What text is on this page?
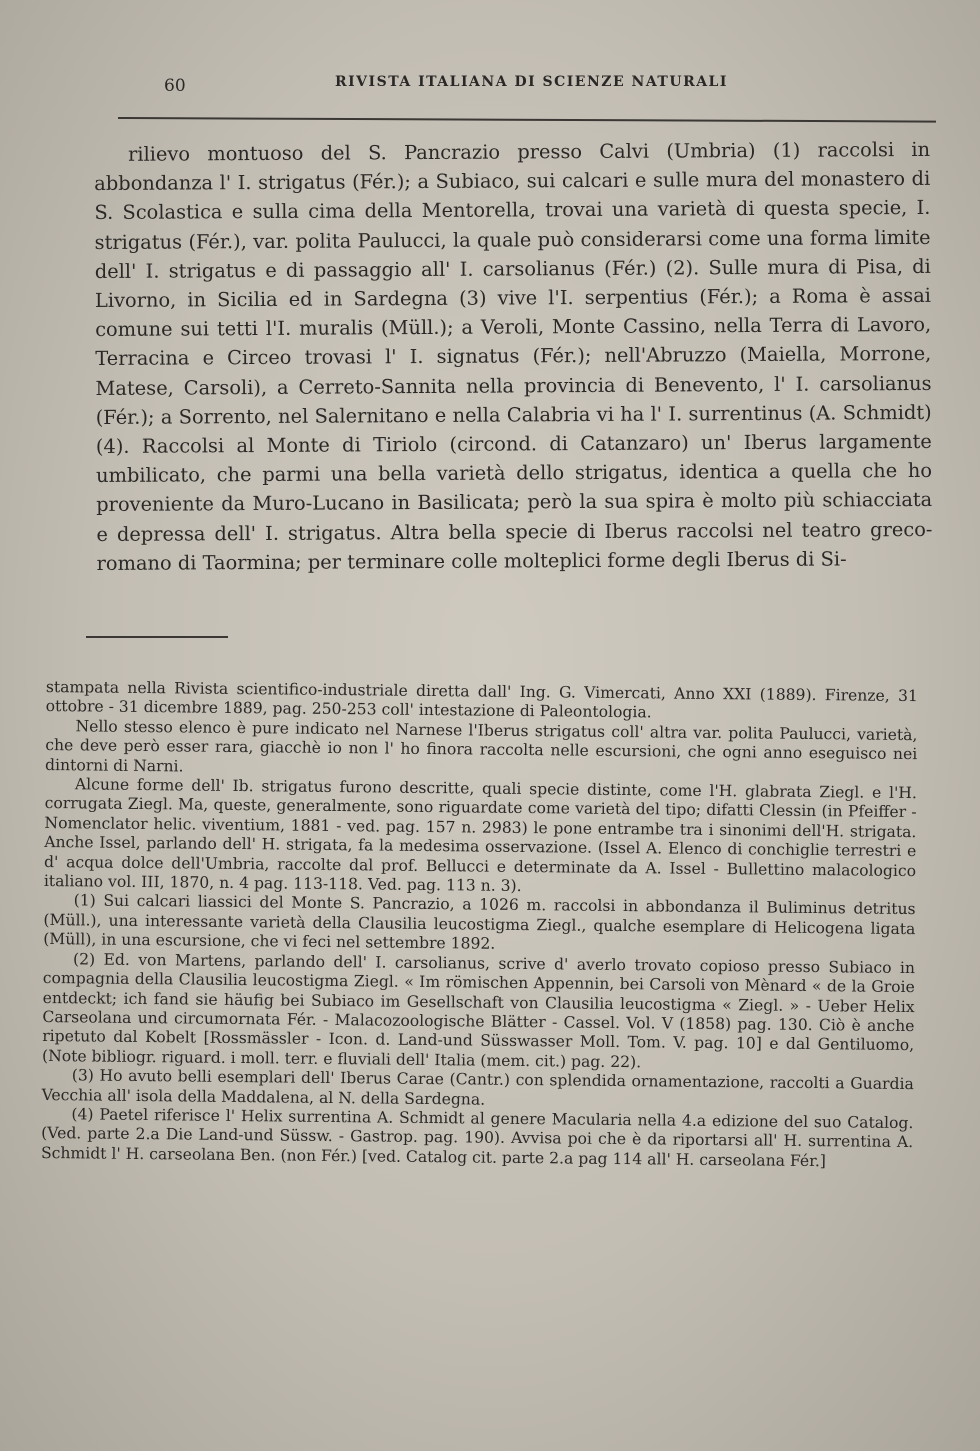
60	RIVISTA ITALIANA DI SCIENZE NATURALI

rilievo montuoso del S. Pancrazio presso Calvi (Umbria) (1) raccolsi in abbondanza l' I. strigatus (Fér.); a Subiaco, sui calcari e sulle mura del monastero di S. Scolastica e sulla cima della Mentorella, trovai una varietà di questa specie, I. strigatus (Fér.), var. polita Paulucci, la quale può considerarsi come una forma limite dell' I. strigatus e di passaggio all' I. carsolianus (Fér.) (2). Sulle mura di Pisa, di Livorno, in Sicilia ed in Sardegna (3) vive l'I. serpentius (Fér.); a Roma è assai comune sui tetti l'I. muralis (Müll.); a Veroli, Monte Cassino, nella Terra di Lavoro, Terracina e Circeo trovasi l' I. signatus (Fér.); nell'Abruzzo (Maiella, Morrone, Matese, Carsoli), a Cerreto-Sannita nella provincia di Benevento, l' I. carsolianus (Fér.); a Sorrento, nel Salernitano e nella Calabria vi ha l' I. surrentinus (A. Schmidt) (4). Raccolsi al Monte di Tiriolo (circond. di Catanzaro) un' Iberus largamente umbilicato, che parmi una bella varietà dello strigatus, identica a quella che ho proveniente da Muro-Lucano in Basilicata; però la sua spira è molto più schiacciata e depressa dell' I. strigatus. Altra bella specie di Iberus raccolsi nel teatro greco-romano di Taormina; per terminare colle molteplici forme degli Iberus di Si-

stampata nella Rivista scientifico-industriale diretta dall' Ing. G. Vimercati, Anno XXI (1889). Firenze, 31 ottobre - 31 dicembre 1889, pag. 250-253 coll' intestazione di Paleontologia.

Nello stesso elenco è pure indicato nel Narnese l'Iberus strigatus coll' altra var. polita Paulucci, varietà, che deve però esser rara, giacchè io non l' ho finora raccolta nelle escursioni, che ogni anno eseguisco nei dintorni di Narni.

Alcune forme dell' Ib. strigatus furono descritte, quali specie distinte, come l'H. glabrata Ziegl. e l'H. corrugata Ziegl. Ma, queste, generalmente, sono riguardate come varietà del tipo; difatti Clessin (in Pfeiffer - Nomenclator helic. viventium, 1881 - ved. pag. 157 n. 2983) le pone entrambe tra i sinonimi dell'H. strigata. Anche Issel, parlando dell' H. strigata, fa la medesima osservazione. (Issel A. Elenco di conchiglie terrestri e d' acqua dolce dell'Umbria, raccolte dal prof. Bellucci e determinate da A. Issel - Bullettino malacologico italiano vol. III, 1870, n. 4 pag. 113-118. Ved. pag. 113 n. 3).

(1) Sui calcari liassici del Monte S. Pancrazio, a 1026 m. raccolsi in abbondanza il Buliminus detritus (Müll.), una interessante varietà della Clausilia leucostigma Ziegl., qualche esemplare di Helicogena ligata (Müll), in una escursione, che vi feci nel settembre 1892.

(2) Ed. von Martens, parlando dell' I. carsolianus, scrive d' averlo trovato copioso presso Subiaco in compagnia della Clausilia leucostigma Ziegl. « Im römischen Appennin, bei Carsoli von Mènard « de la Groie entdeckt; ich fand sie häufig bei Subiaco im Gesellschaft von Clausilia leucostigma « Ziegl. » - Ueber Helix Carseolana und circumornata Fér. - Malacozoologische Blätter - Cassel. Vol. V (1858) pag. 130. Ciò è anche ripetuto dal Kobelt [Rossmässler - Icon. d. Land-und Süsswasser Moll. Tom. V. pag. 10] e dal Gentiluomo, (Note bibliogr. riguard. i moll. terr. e fluviali dell' Italia (mem. cit.) pag. 22).

(3) Ho avuto belli esemplari dell' Iberus Carae (Cantr.) con splendida ornamentazione, raccolti a Guardia Vecchia all' isola della Maddalena, al N. della Sardegna.

(4) Paetel riferisce l' Helix surrentina A. Schmidt al genere Macularia nella 4.a edizione del suo Catalog. (Ved. parte 2.a Die Land-und Süssw. - Gastrop. pag. 190). Avvisa poi che è da riportarsi all' H. surrentina A. Schmidt l' H. carseolana Ben. (non Fér.) [ved. Catalog cit. parte 2.a pag 114 all' H. carseolana Fér.]
